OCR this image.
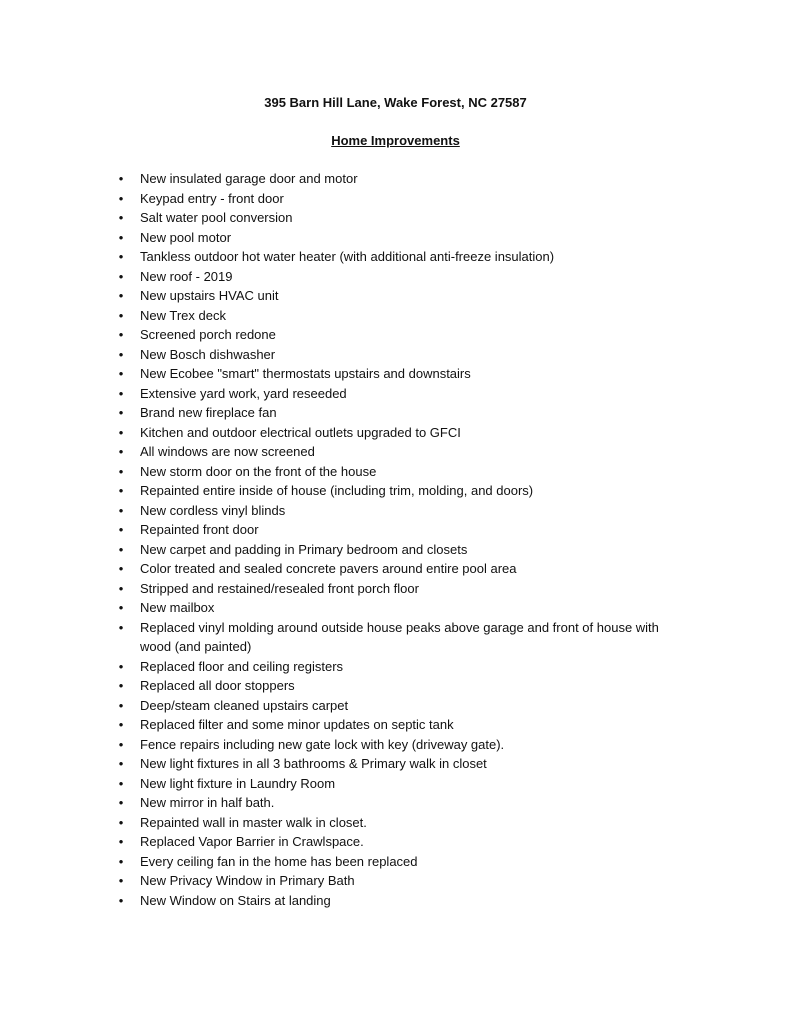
395 Barn Hill Lane, Wake Forest, NC 27587
Home Improvements
• New insulated garage door and motor
• Keypad entry - front door
• Salt water pool conversion
• New pool motor
• Tankless outdoor hot water heater (with additional anti-freeze insulation)
• New roof - 2019
• New upstairs HVAC unit
• New Trex deck
• Screened porch redone
• New Bosch dishwasher
• New Ecobee "smart" thermostats upstairs and downstairs
• Extensive yard work, yard reseeded
• Brand new fireplace fan
• Kitchen and outdoor electrical outlets upgraded to GFCI
• All windows are now screened
• New storm door on the front of the house
• Repainted entire inside of house (including trim, molding, and doors)
• New cordless vinyl blinds
• Repainted front door
• New carpet and padding in Primary bedroom and closets
• Color treated and sealed concrete pavers around entire pool area
• Stripped and restained/resealed front porch floor
• New mailbox
• Replaced vinyl molding around outside house peaks above garage and front of house with wood (and painted)
• Replaced floor and ceiling registers
• Replaced all door stoppers
• Deep/steam cleaned upstairs carpet
• Replaced filter and some minor updates on septic tank
• Fence repairs including new gate lock with key (driveway gate).
• New light fixtures in all 3 bathrooms & Primary walk in closet
• New light fixture in Laundry Room
• New mirror in half bath.
• Repainted wall in master walk in closet.
• Replaced Vapor Barrier in Crawlspace.
• Every ceiling fan in the home has been replaced
• New Privacy Window in Primary Bath
• New Window on Stairs at landing
